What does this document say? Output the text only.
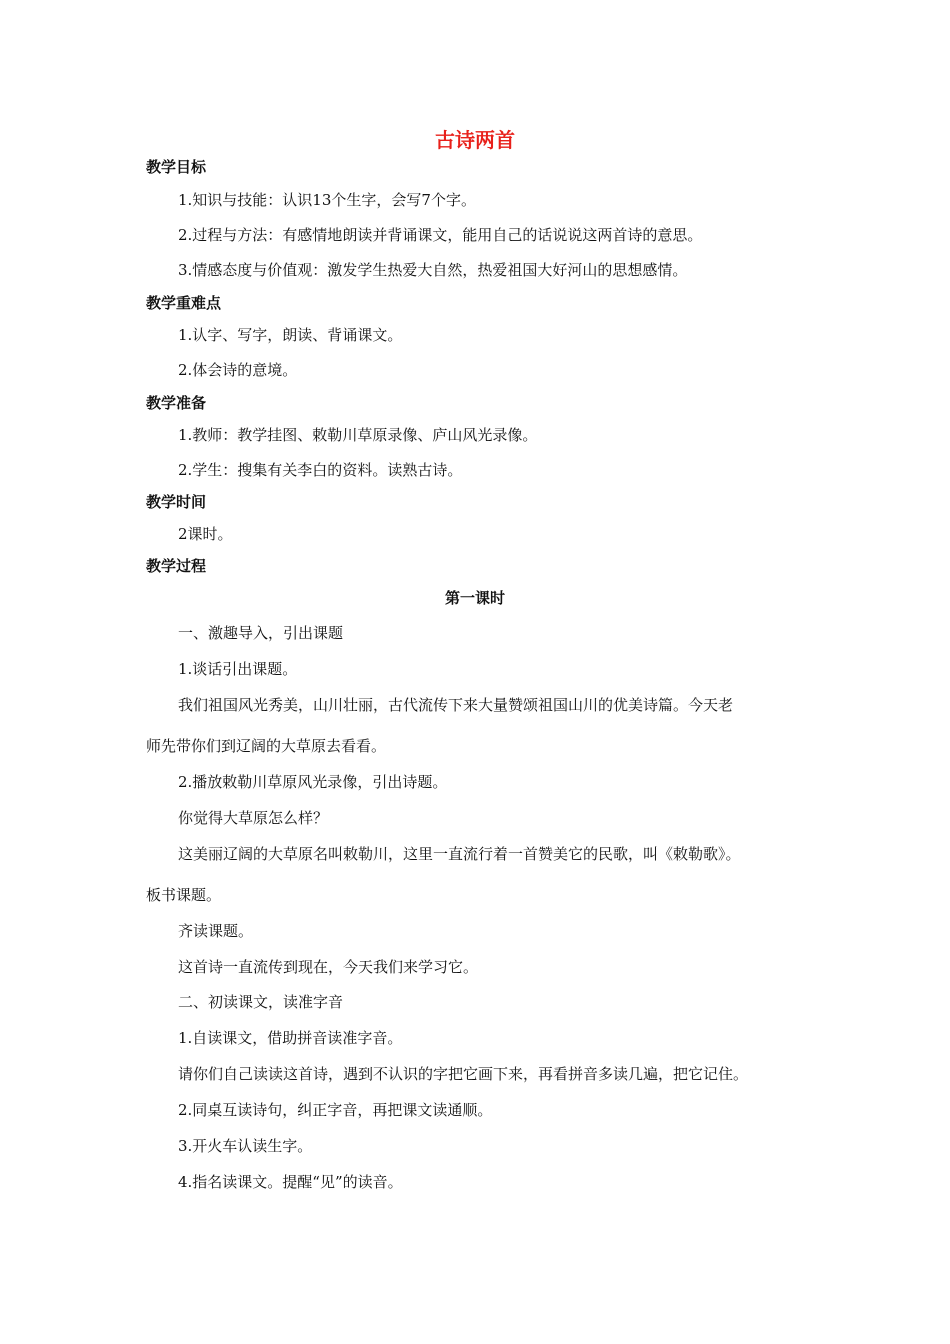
古诗两首
教学目标
1.知识与技能：认识13个生字，会写7个字。
2.过程与方法：有感情地朗读并背诵课文，能用自己的话说说这两首诗的意思。
3.情感态度与价值观：激发学生热爱大自然，热爱祖国大好河山的思想感情。
教学重难点
1.认字、写字，朗读、背诵课文。
2.体会诗的意境。
教学准备
1.教师：教学挂图、敕勒川草原录像、庐山风光录像。
2.学生：搜集有关李白的资料。读熟古诗。
教学时间
2课时。
教学过程
第一课时
一、激趣导入，引出课题
1.谈话引出课题。
我们祖国风光秀美，山川壮丽，古代流传下来大量赞颂祖国山川的优美诗篇。今天老
师先带你们到辽阔的大草原去看看。
2.播放敕勒川草原风光录像，引出诗题。
你觉得大草原怎么样？
这美丽辽阔的大草原名叫敕勒川，这里一直流行着一首赞美它的民歌，叫《敕勒歌》。
板书课题。
齐读课题。
这首诗一直流传到现在，今天我们来学习它。
二、初读课文，读准字音
1.自读课文，借助拼音读准字音。
请你们自己读读这首诗，遇到不认识的字把它画下来，再看拼音多读几遍，把它记住。
2.同桌互读诗句，纠正字音，再把课文读通顺。
3.开火车认读生字。
4.指名读课文。提醒“见”的读音。
